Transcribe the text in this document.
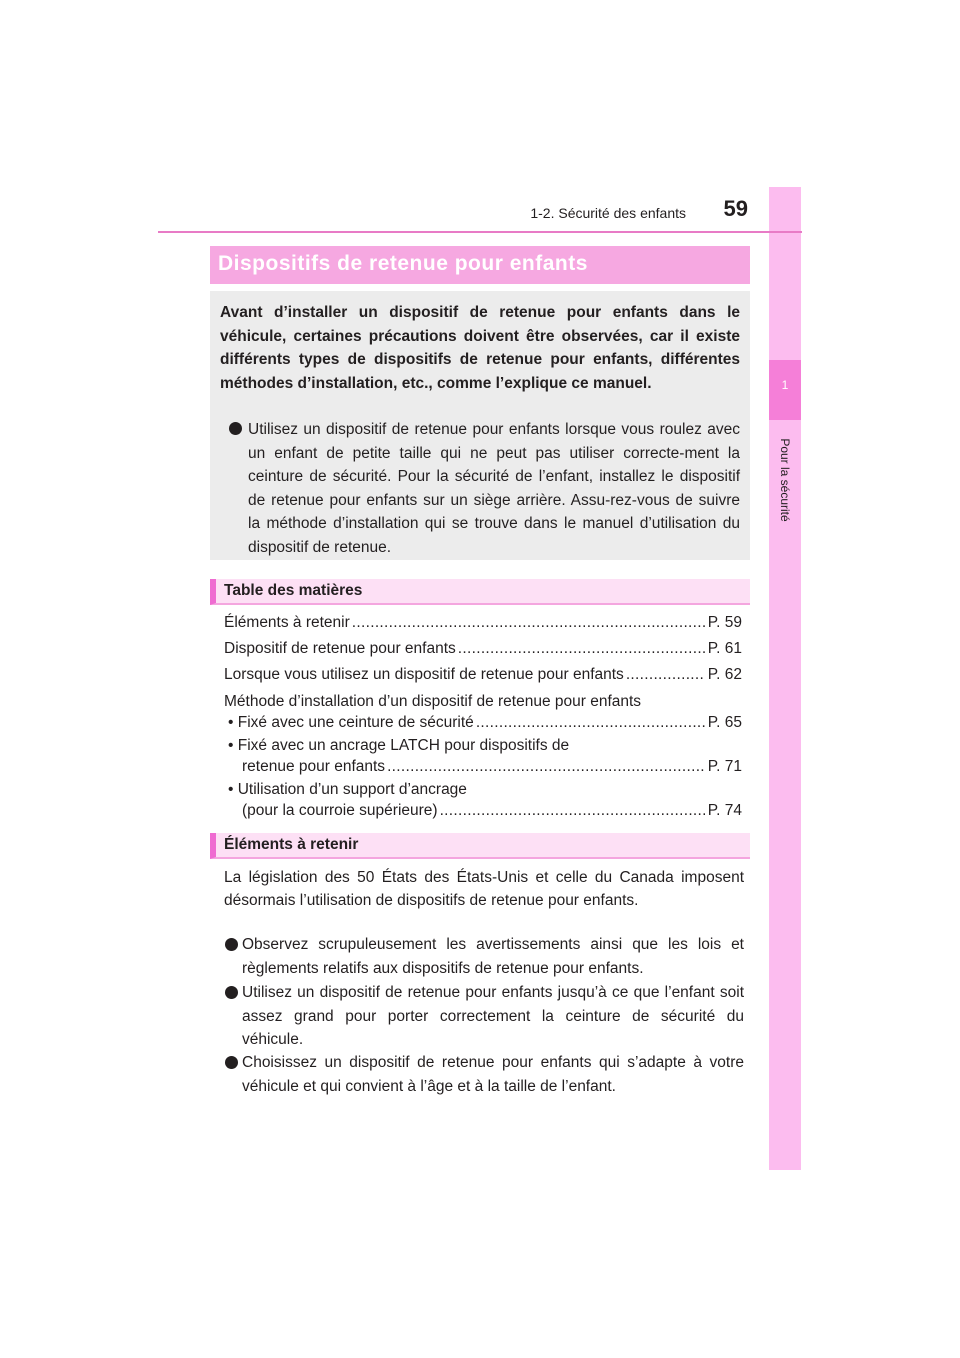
1
Pour la sécurité
1-2. Sécurité des enfants	59
Dispositifs de retenue pour enfants
Avant d’installer un dispositif de retenue pour enfants dans le véhicule, certaines précautions doivent être observées, car il existe différents types de dispositifs de retenue pour enfants, différentes méthodes d’installation, etc., comme l’explique ce manuel.
Utilisez un dispositif de retenue pour enfants lorsque vous roulez avec un enfant de petite taille qui ne peut pas utiliser correcte-ment la ceinture de sécurité. Pour la sécurité de l’enfant, installez le dispositif de retenue pour enfants sur un siège arrière. Assu-rez-vous de suivre la méthode d’installation qui se trouve dans le manuel d’utilisation du dispositif de retenue.
Table des matières
Éléments à retenir .....	P. 59
Dispositif de retenue pour enfants .....	P. 61
Lorsque vous utilisez un dispositif de retenue pour enfants .....	P. 62
Méthode d’installation d’un dispositif de retenue pour enfants
• Fixé avec une ceinture de sécurité .....	P. 65
• Fixé avec un ancrage LATCH pour dispositifs de
retenue pour enfants .....	P. 71
• Utilisation d’un support d’ancrage
(pour la courroie supérieure) .....	P. 74
Éléments à retenir
La législation des 50 États des États-Unis et celle du Canada imposent désormais l’utilisation de dispositifs de retenue pour enfants.
Observez scrupuleusement les avertissements ainsi que les lois et règlements relatifs aux dispositifs de retenue pour enfants.
Utilisez un dispositif de retenue pour enfants jusqu’à ce que l’enfant soit assez grand pour porter correctement la ceinture de sécurité du véhicule.
Choisissez un dispositif de retenue pour enfants qui s’adapte à votre véhicule et qui convient à l’âge et à la taille de l’enfant.
